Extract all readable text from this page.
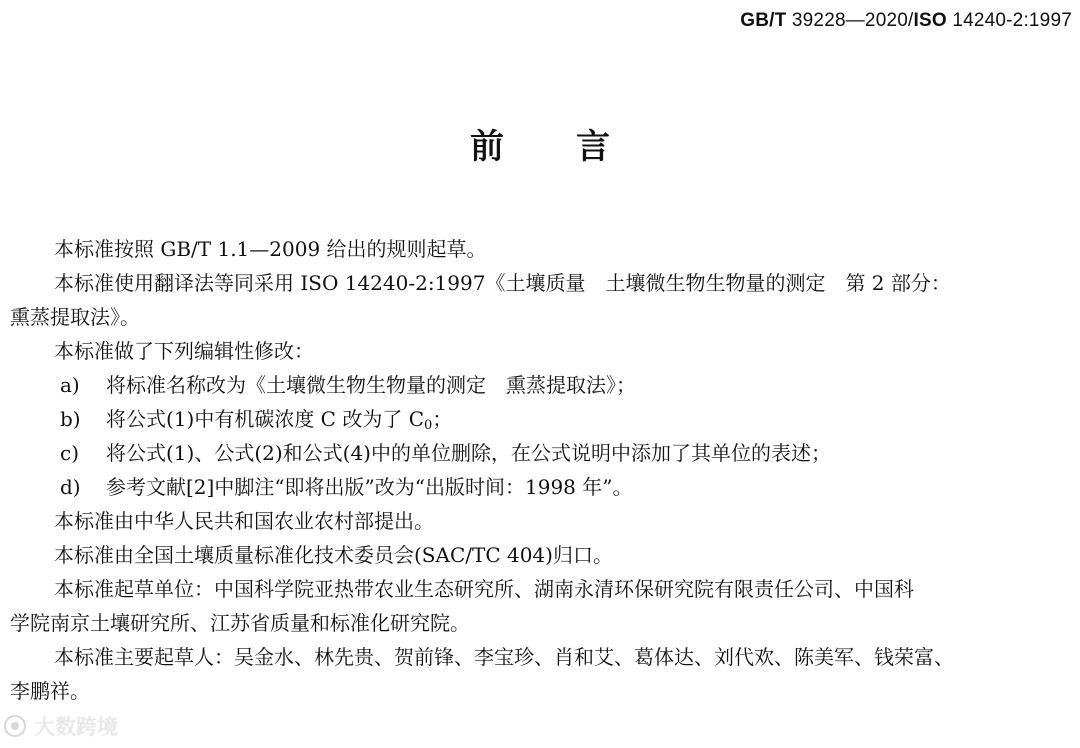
GB/T 39228—2020/ISO 14240-2:1997
前言
本标准按照 GB/T 1.1—2009 给出的规则起草。
本标准使用翻译法等同采用 ISO 14240-2:1997《土壤质量　土壤微生物生物量的测定　第 2 部分：
熏蒸提取法》。
本标准做了下列编辑性修改：
a) 将标准名称改为《土壤微生物生物量的测定　熏蒸提取法》；
b) 将公式(1)中有机碳浓度 C 改为了 $C_0$；
c) 将公式(1)、公式(2)和公式(4)中的单位删除，在公式说明中添加了其单位的表述；
d) 参考文献[2]中脚注“即将出版”改为“出版时间：1998 年”。
本标准由中华人民共和国农业农村部提出。
本标准由全国土壤质量标准化技术委员会(SAC/TC 404)归口。
本标准起草单位：中国科学院亚热带农业生态研究所、湖南永清环保研究院有限责任公司、中国科
学院南京土壤研究所、江苏省质量和标准化研究院。
本标准主要起草人：吴金水、林先贵、贺前锋、李宝珍、肖和艾、葛体达、刘代欢、陈美军、钱荣富、
李鹏祥。
大数跨境
